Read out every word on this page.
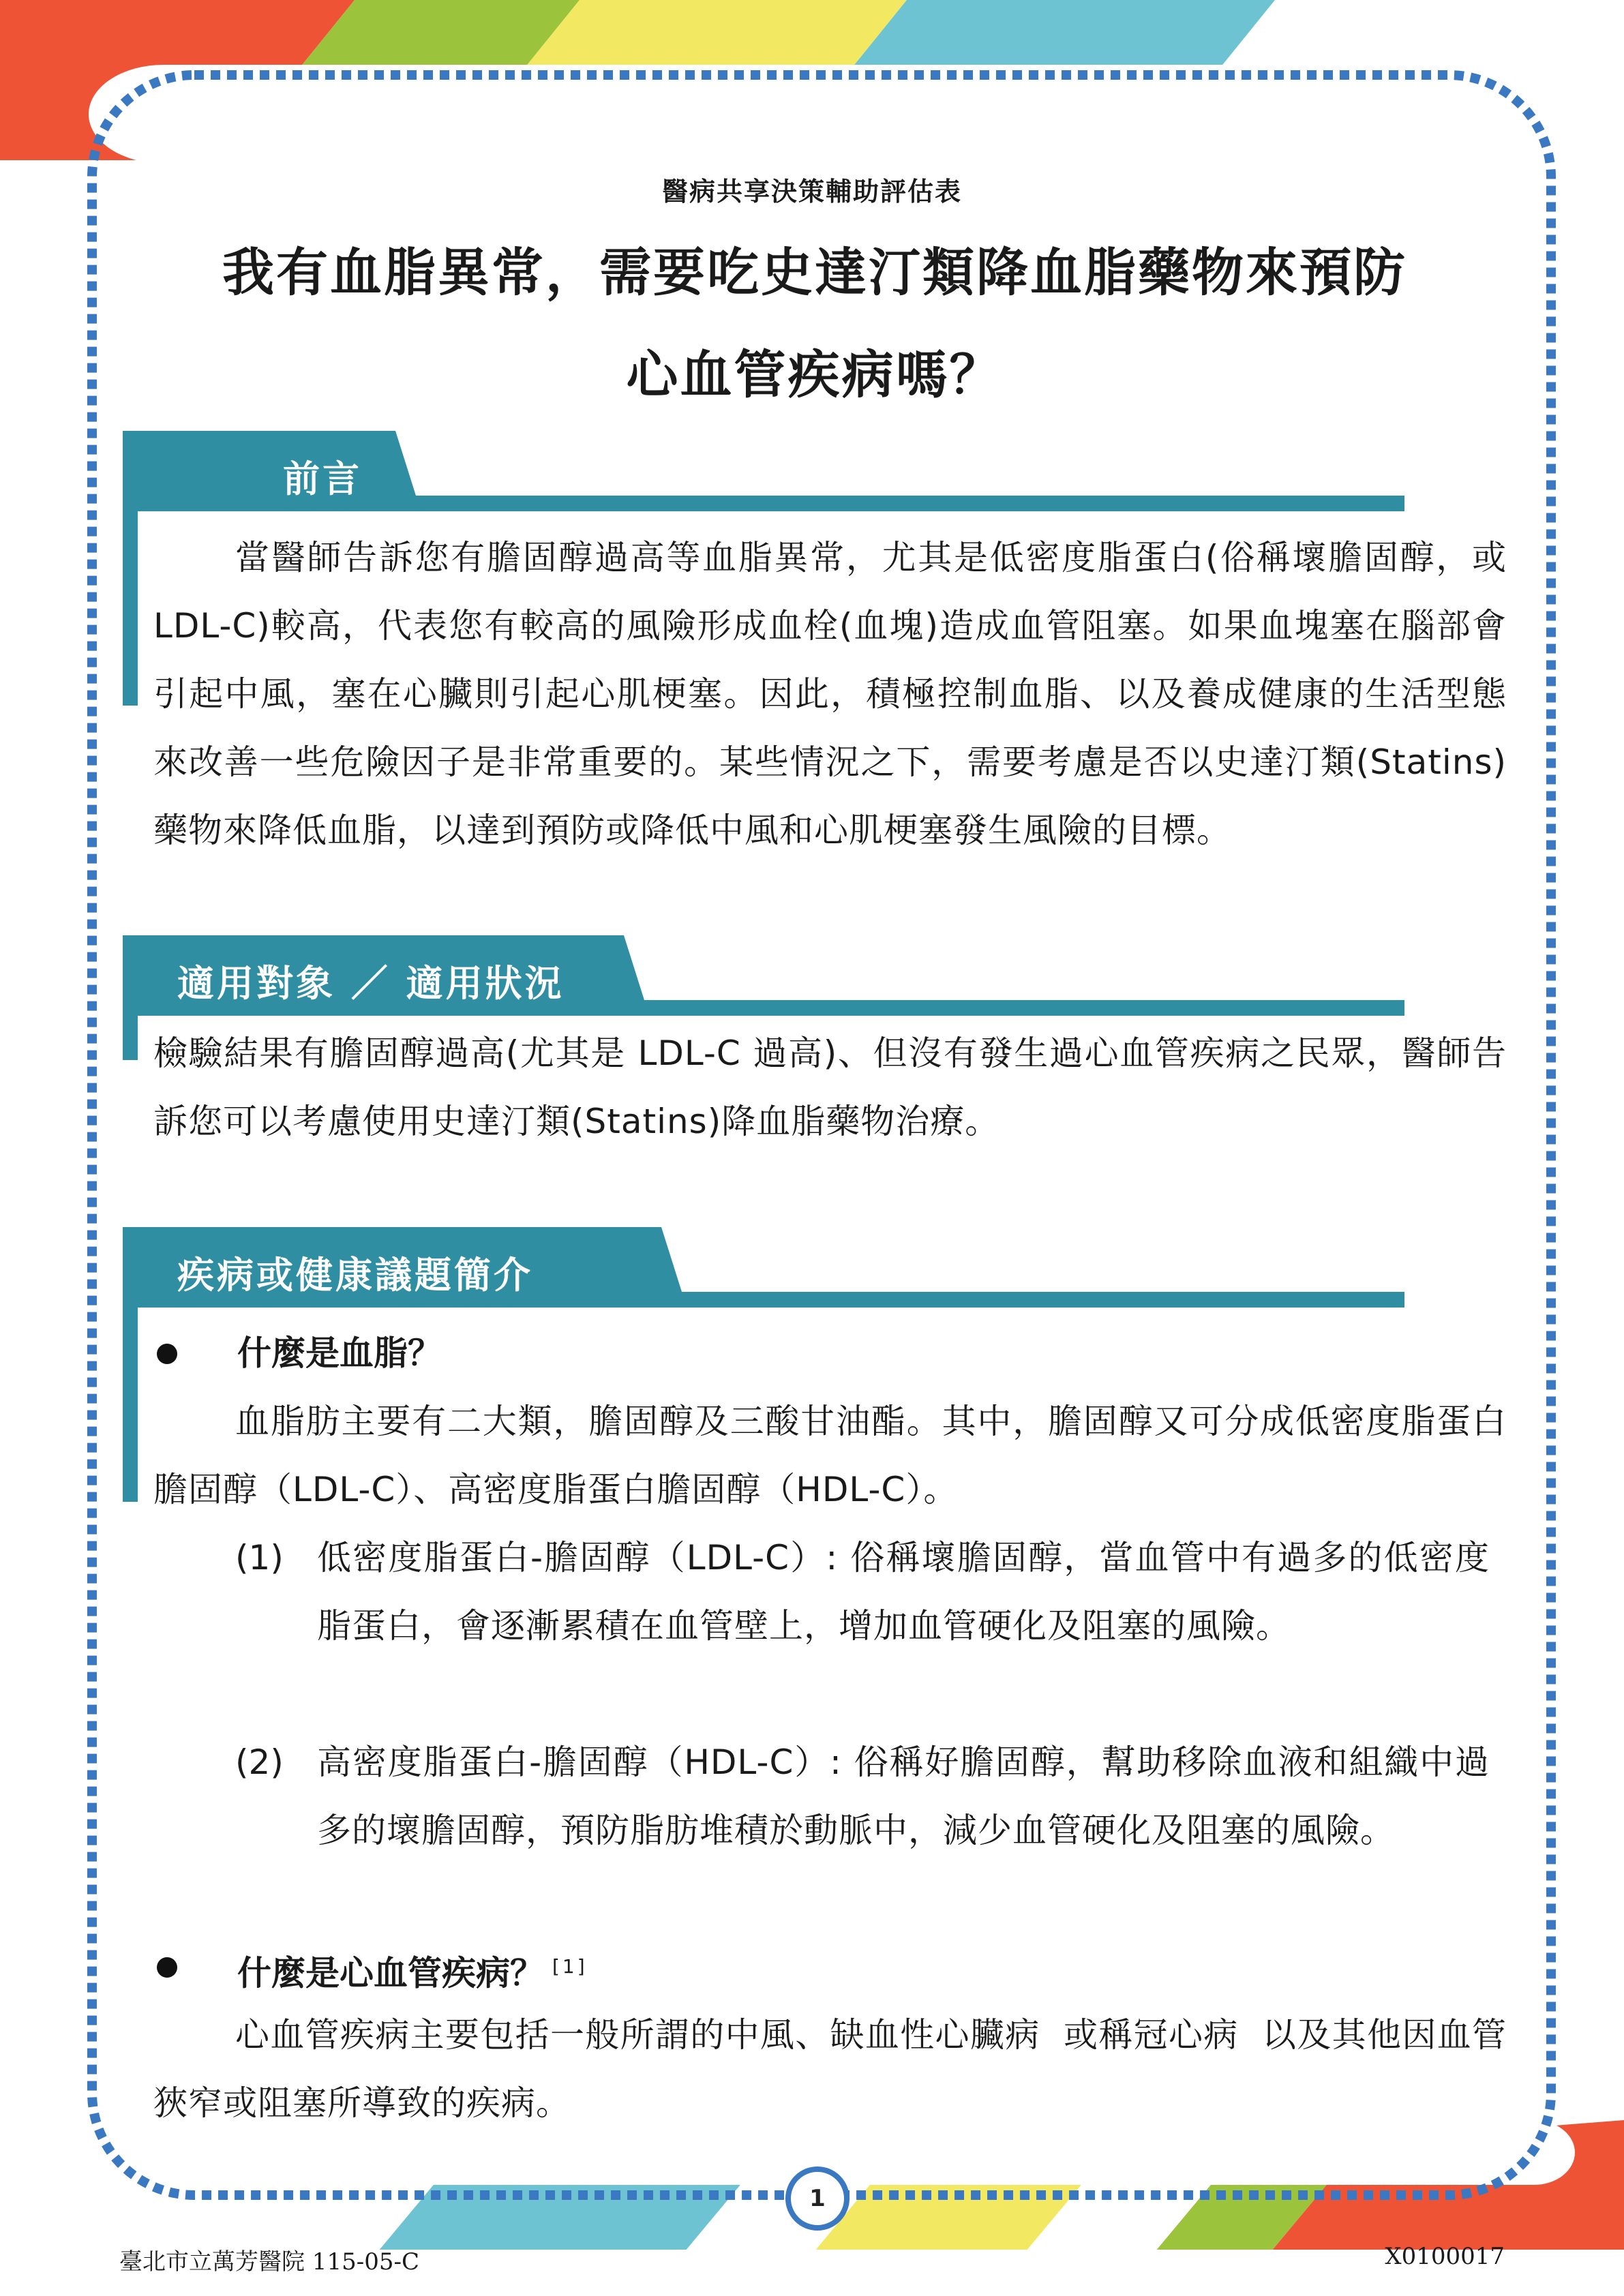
醫病共享決策輔助評估表
我有血脂異常，需要吃史達汀類降血脂藥物來預防
心血管疾病嗎？
前言
當醫師告訴您有膽固醇過高等血脂異常，尤其是低密度脂蛋白(俗稱壞膽固醇，或 LDL-C)較高，代表您有較高的風險形成血栓(血塊)造成血管阻塞。如果血塊塞在腦部會引起中風，塞在心臟則引起心肌梗塞。因此，積極控制血脂、以及養成健康的生活型態來改善一些危險因子是非常重要的。某些情況之下，需要考慮是否以史達汀類(Statins)藥物來降低血脂，以達到預防或降低中風和心肌梗塞發生風險的目標。
適用對象 ／ 適用狀況
檢驗結果有膽固醇過高(尤其是 LDL-C 過高)、但沒有發生過心血管疾病之民眾，醫師告訴您可以考慮使用史達汀類(Statins)降血脂藥物治療。
疾病或健康議題簡介
什麼是血脂？
血脂肪主要有二大類，膽固醇及三酸甘油酯。其中，膽固醇又可分成低密度脂蛋白膽固醇（LDL-C）、高密度脂蛋白膽固醇（HDL-C）。
(1) 低密度脂蛋白-膽固醇（LDL-C）: 俗稱壞膽固醇，當血管中有過多的低密度脂蛋白，會逐漸累積在血管壁上，增加血管硬化及阻塞的風險。
(2) 高密度脂蛋白-膽固醇（HDL-C）: 俗稱好膽固醇，幫助移除血液和組織中過多的壞膽固醇，預防脂肪堆積於動脈中，減少血管硬化及阻塞的風險。
什麼是心血管疾病？ [1]
心血管疾病主要包括一般所謂的中風、缺血性心臟病  或稱冠心病  以及其他因血管狹窄或阻塞所導致的疾病。
1
臺北市立萬芳醫院 115-05-C	X0100017
